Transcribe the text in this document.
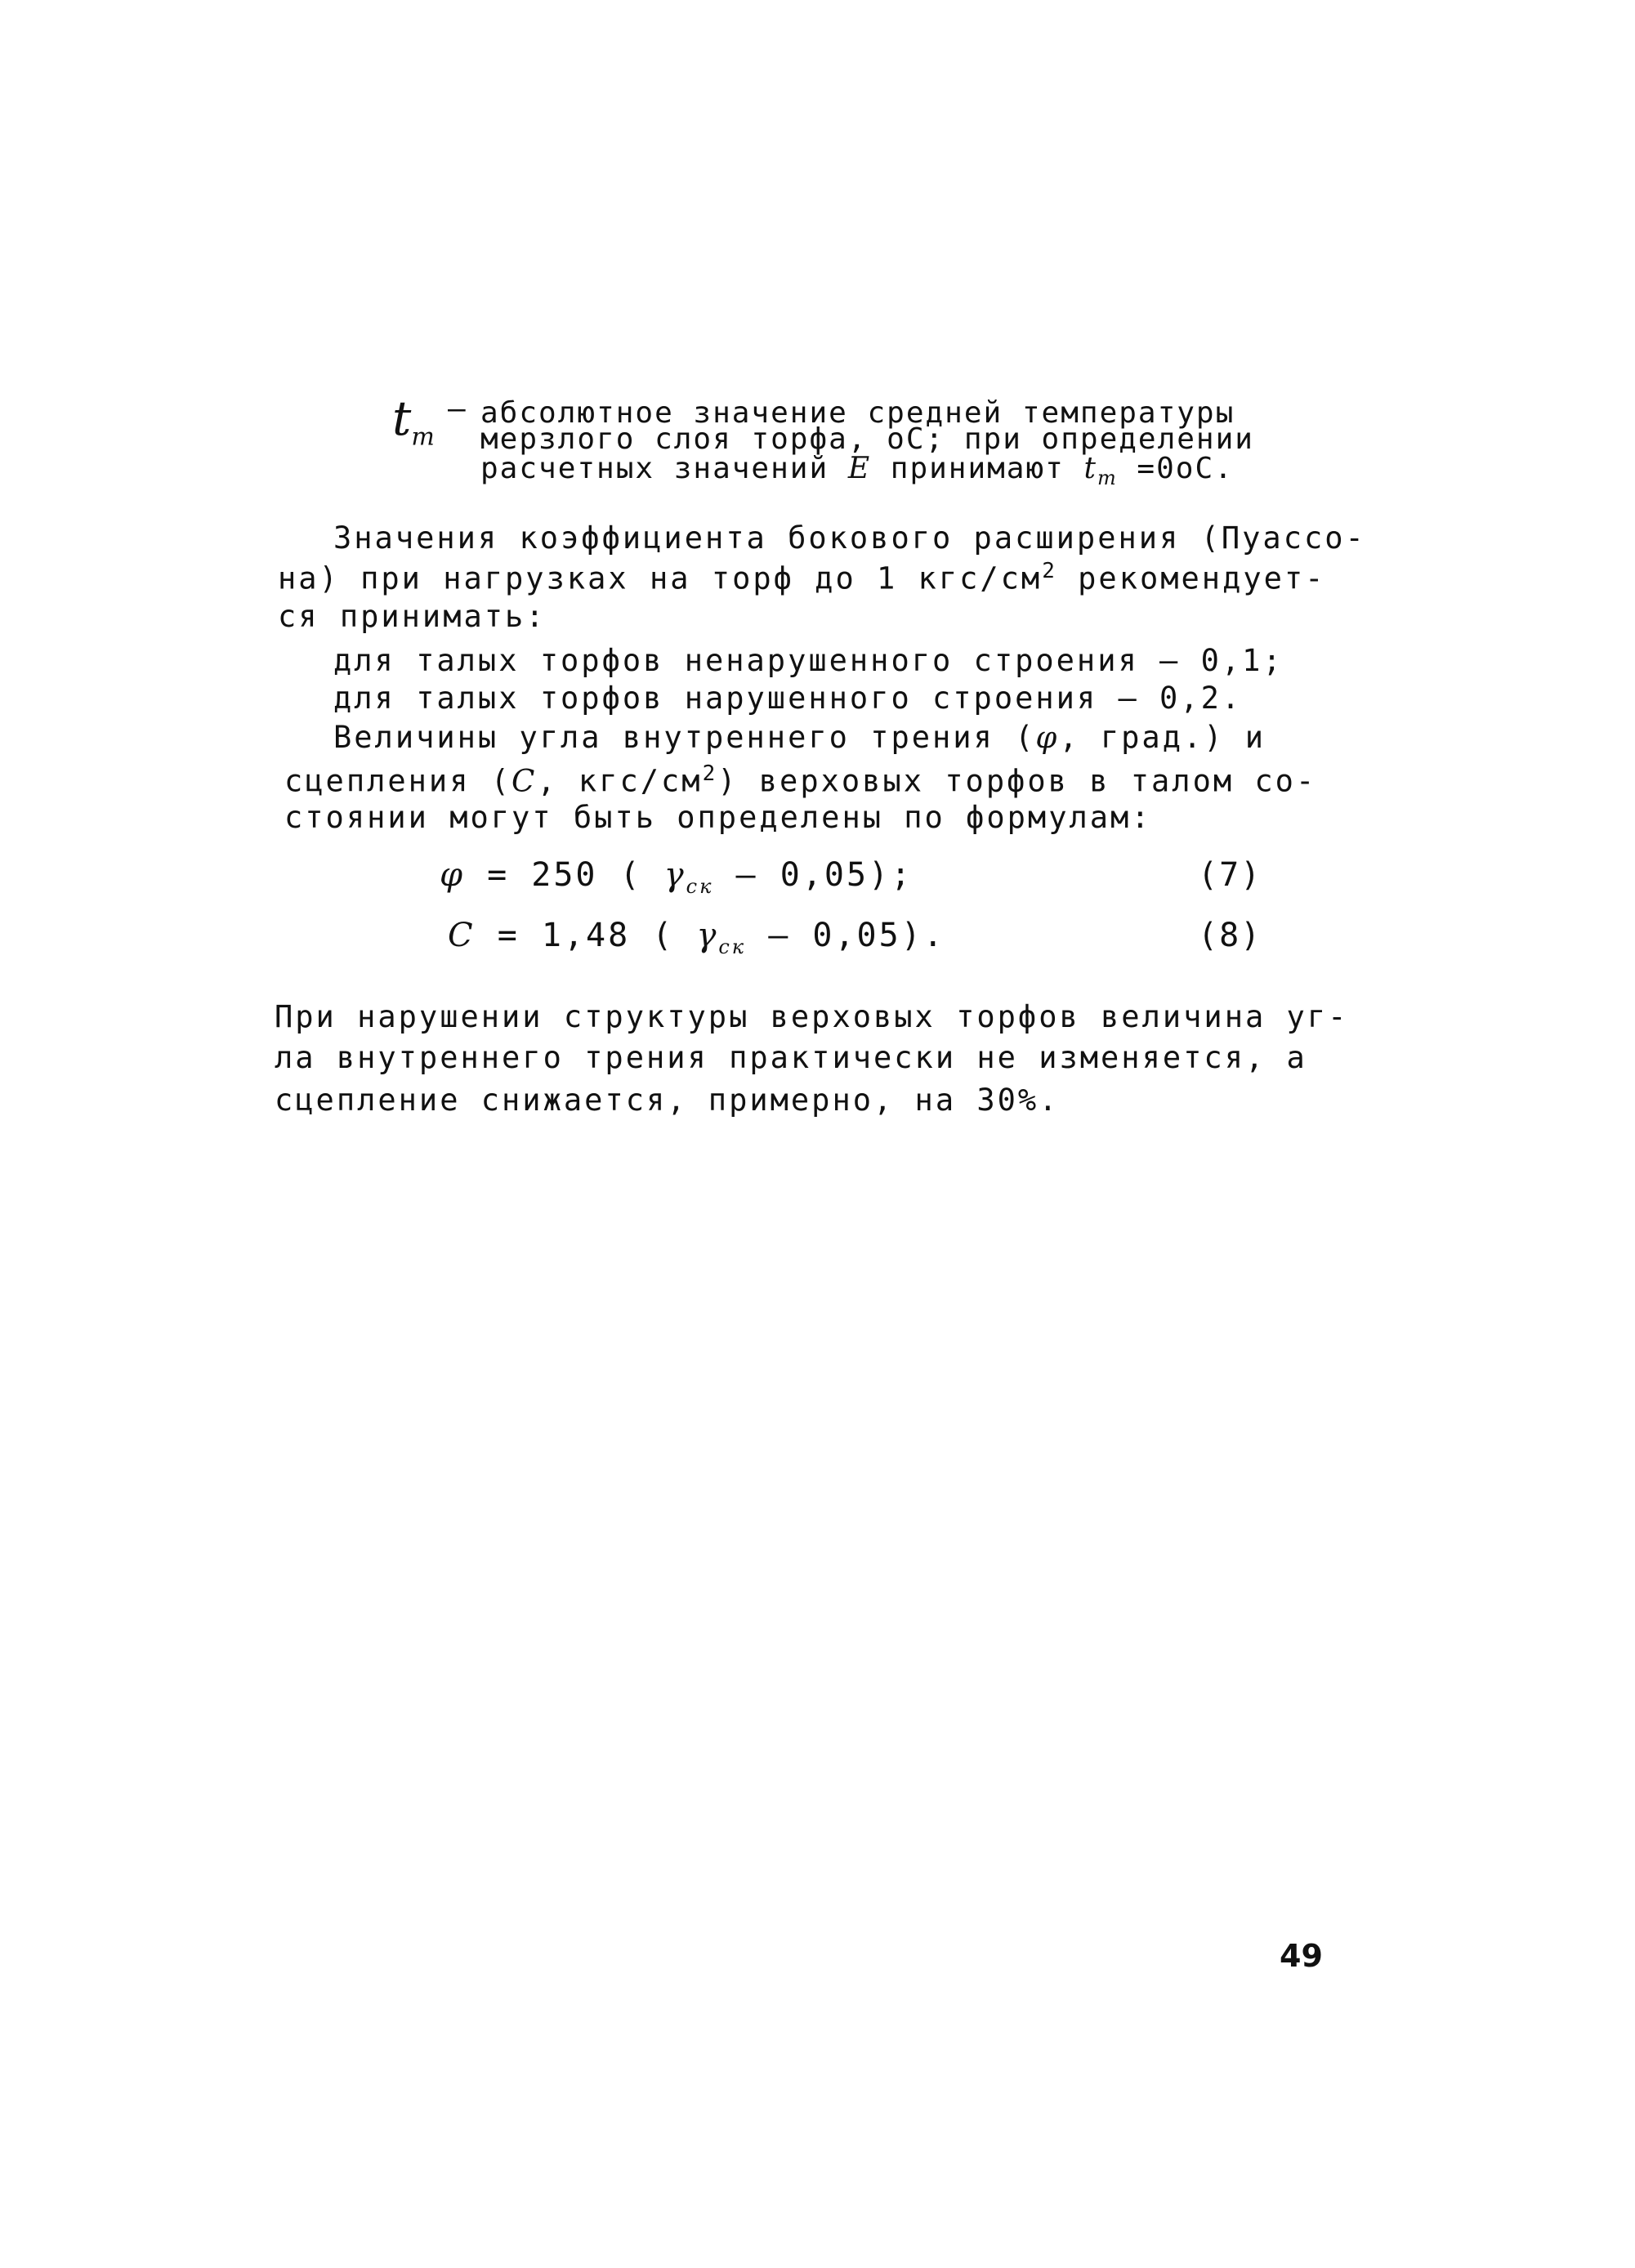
$t_т$
– абсолютное значение средней температуры
мерзлого слоя торфа, оС; при определении
расчетных значений E принимают $t_т =0оС$.
Значения коэффициента бокового расширения (Пуассо-
на) при нагрузках на торф до 1 кгс/$см^2$ рекомендует-
ся принимать:
для талых торфов ненарушенного строения – 0,1;
для талых торфов нарушенного строения – 0,2.
Величины угла внутреннего трения (φ, град.) и
сцепления (C, кгс/$см^2$) верховых торфов в талом со-
стоянии могут быть определены по формулам:
φ = 250 ( $\gamma_{ск} - 0,05$);	(7)
C = 1,48 ( $\gamma_{ск} - 0,05$).	(8)
При нарушении структуры верховых торфов величина уг-
ла внутреннего трения практически не изменяется, а
сцепление снижается, примерно, на 30%.
49
